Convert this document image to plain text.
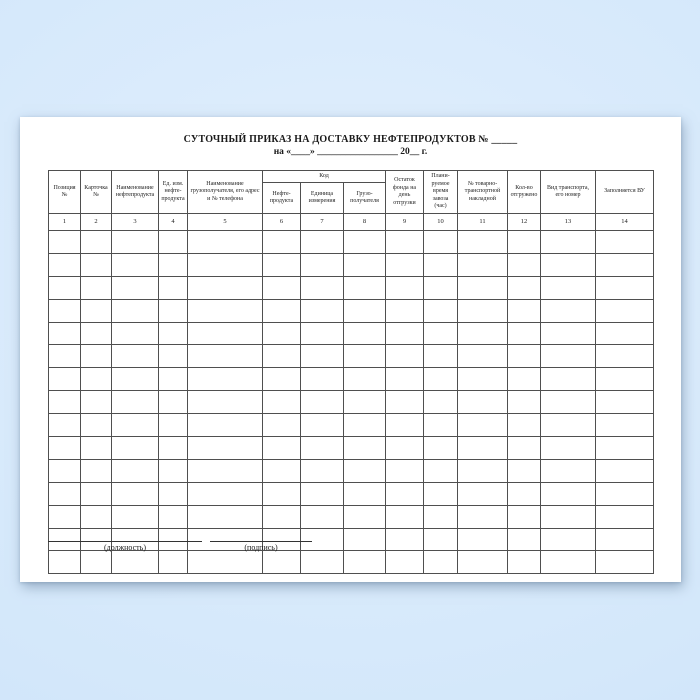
СУТОЧНЫЙ ПРИКАЗ НА ДОСТАВКУ НЕФТЕПРОДУКТОВ № _____
на «____» _________________ 20__ г.
Позиция №	Карточка №	Наименование нефтепродукта	Ед. изм. нефте-продукта	Наименование грузополучателя, его адрес и № телефона	Код			Остаток фонда на день отгрузки	Плани-руемое время завоза (час)	№ товарно-транспортной накладной	Кол-во отгружено	Вид транспорта, его номер	Заполняется ВУ
					Нефте-продукта	Единица измерения	Грузо-получателя						
1	2	3	4	5	6	7	8	9	10	11	12	13	14

(должность)	(подпись)
